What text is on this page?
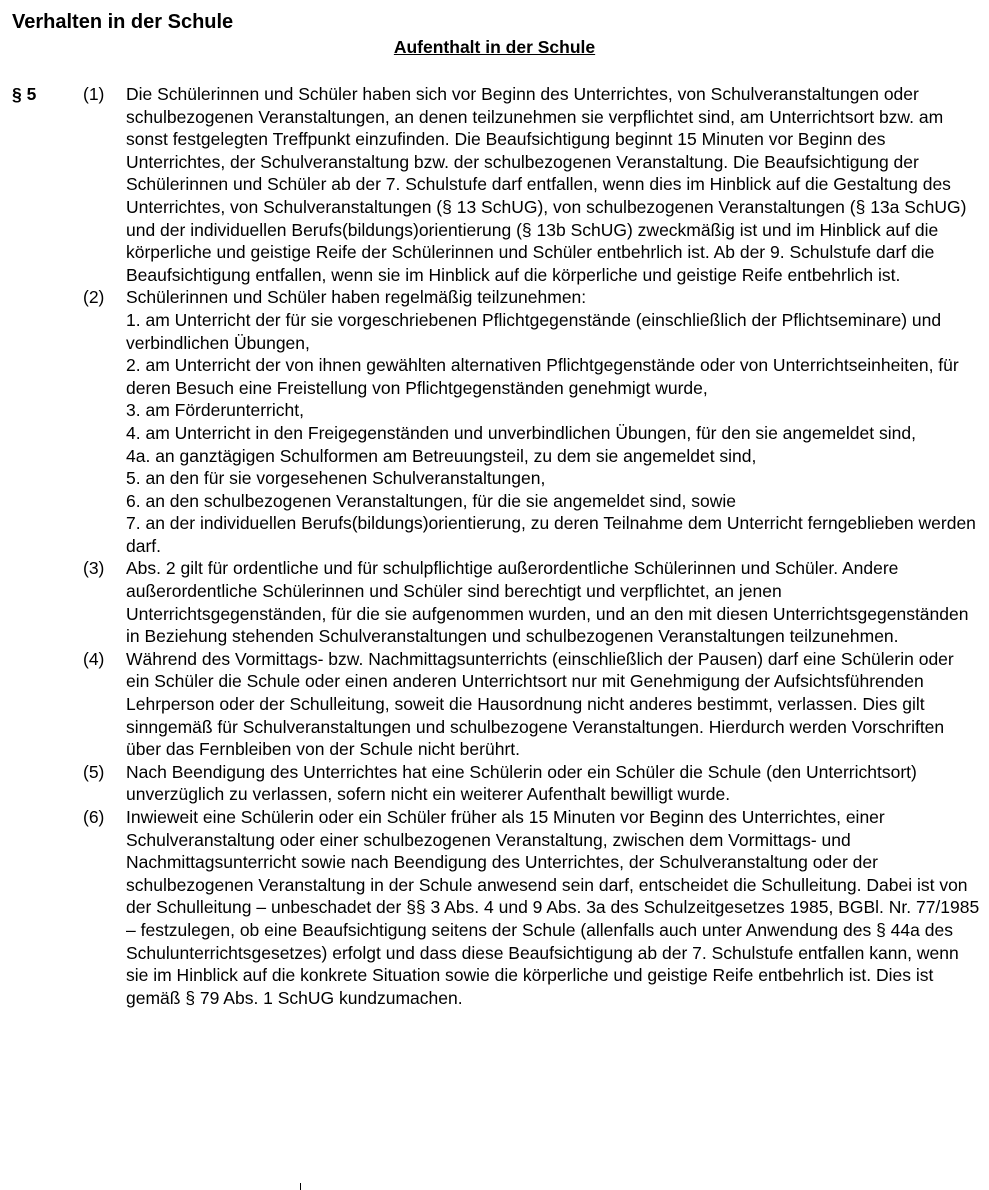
Verhalten in der Schule
Aufenthalt in der Schule
§ 5	(1) Die Schülerinnen und Schüler haben sich vor Beginn des Unterrichtes, von Schulveranstaltungen oder schulbezogenen Veranstaltungen, an denen teilzunehmen sie verpflichtet sind, am Unterrichtsort bzw. am sonst festgelegten Treffpunkt einzufinden. Die Beaufsichtigung beginnt 15 Minuten vor Beginn des Unterrichtes, der Schulveranstaltung bzw. der schulbezogenen Veranstaltung. Die Beaufsichtigung der Schülerinnen und Schüler ab der 7. Schulstufe darf entfallen, wenn dies im Hinblick auf die Gestaltung des Unterrichtes, von Schulveranstaltungen (§ 13 SchUG), von schulbezogenen Veranstaltungen (§ 13a SchUG) und der individuellen Berufs(bildungs)orientierung (§ 13b SchUG) zweckmäßig ist und im Hinblick auf die körperliche und geistige Reife der Schülerinnen und Schüler entbehrlich ist. Ab der 9. Schulstufe darf die Beaufsichtigung entfallen, wenn sie im Hinblick auf die körperliche und geistige Reife entbehrlich ist.
(2) Schülerinnen und Schüler haben regelmäßig teilzunehmen:
1. am Unterricht der für sie vorgeschriebenen Pflichtgegenstände (einschließlich der Pflichtseminare) und verbindlichen Übungen,
2. am Unterricht der von ihnen gewählten alternativen Pflichtgegenstände oder von Unterrichtseinheiten, für deren Besuch eine Freistellung von Pflichtgegenständen genehmigt wurde,
3. am Förderunterricht,
4. am Unterricht in den Freigegenständen und unverbindlichen Übungen, für den sie angemeldet sind,
4a. an ganztägigen Schulformen am Betreuungsteil, zu dem sie angemeldet sind,
5. an den für sie vorgesehenen Schulveranstaltungen,
6. an den schulbezogenen Veranstaltungen, für die sie angemeldet sind, sowie
7. an der individuellen Berufs(bildungs)orientierung, zu deren Teilnahme dem Unterricht ferngeblieben werden darf.
(3) Abs. 2 gilt für ordentliche und für schulpflichtige außerordentliche Schülerinnen und Schüler. Andere außerordentliche Schülerinnen und Schüler sind berechtigt und verpflichtet, an jenen Unterrichtsgegenständen, für die sie aufgenommen wurden, und an den mit diesen Unterrichtsgegenständen in Beziehung stehenden Schulveranstaltungen und schulbezogenen Veranstaltungen teilzunehmen.
(4) Während des Vormittags- bzw. Nachmittagsunterrichts (einschließlich der Pausen) darf eine Schülerin oder ein Schüler die Schule oder einen anderen Unterrichtsort nur mit Genehmigung der Aufsichtsführenden Lehrperson oder der Schulleitung, soweit die Hausordnung nicht anderes bestimmt, verlassen. Dies gilt sinngemäß für Schulveranstaltungen und schulbezogene Veranstaltungen. Hierdurch werden Vorschriften über das Fernbleiben von der Schule nicht berührt.
(5) Nach Beendigung des Unterrichtes hat eine Schülerin oder ein Schüler die Schule (den Unterrichtsort) unverzüglich zu verlassen, sofern nicht ein weiterer Aufenthalt bewilligt wurde.
(6) Inwieweit eine Schülerin oder ein Schüler früher als 15 Minuten vor Beginn des Unterrichtes, einer Schulveranstaltung oder einer schulbezogenen Veranstaltung, zwischen dem Vormittags- und Nachmittagsunterricht sowie nach Beendigung des Unterrichtes, der Schulveranstaltung oder der schulbezogenen Veranstaltung in der Schule anwesend sein darf, entscheidet die Schulleitung. Dabei ist von der Schulleitung – unbeschadet der §§ 3 Abs. 4 und 9 Abs. 3a des Schulzeitgesetzes 1985, BGBl. Nr. 77/1985 – festzulegen, ob eine Beaufsichtigung seitens der Schule (allenfalls auch unter Anwendung des § 44a des Schulunterrichtsgesetzes) erfolgt und dass diese Beaufsichtigung ab der 7. Schulstufe entfallen kann, wenn sie im Hinblick auf die konkrete Situation sowie die körperliche und geistige Reife entbehrlich ist. Dies ist gemäß § 79 Abs. 1 SchUG kundzumachen.
